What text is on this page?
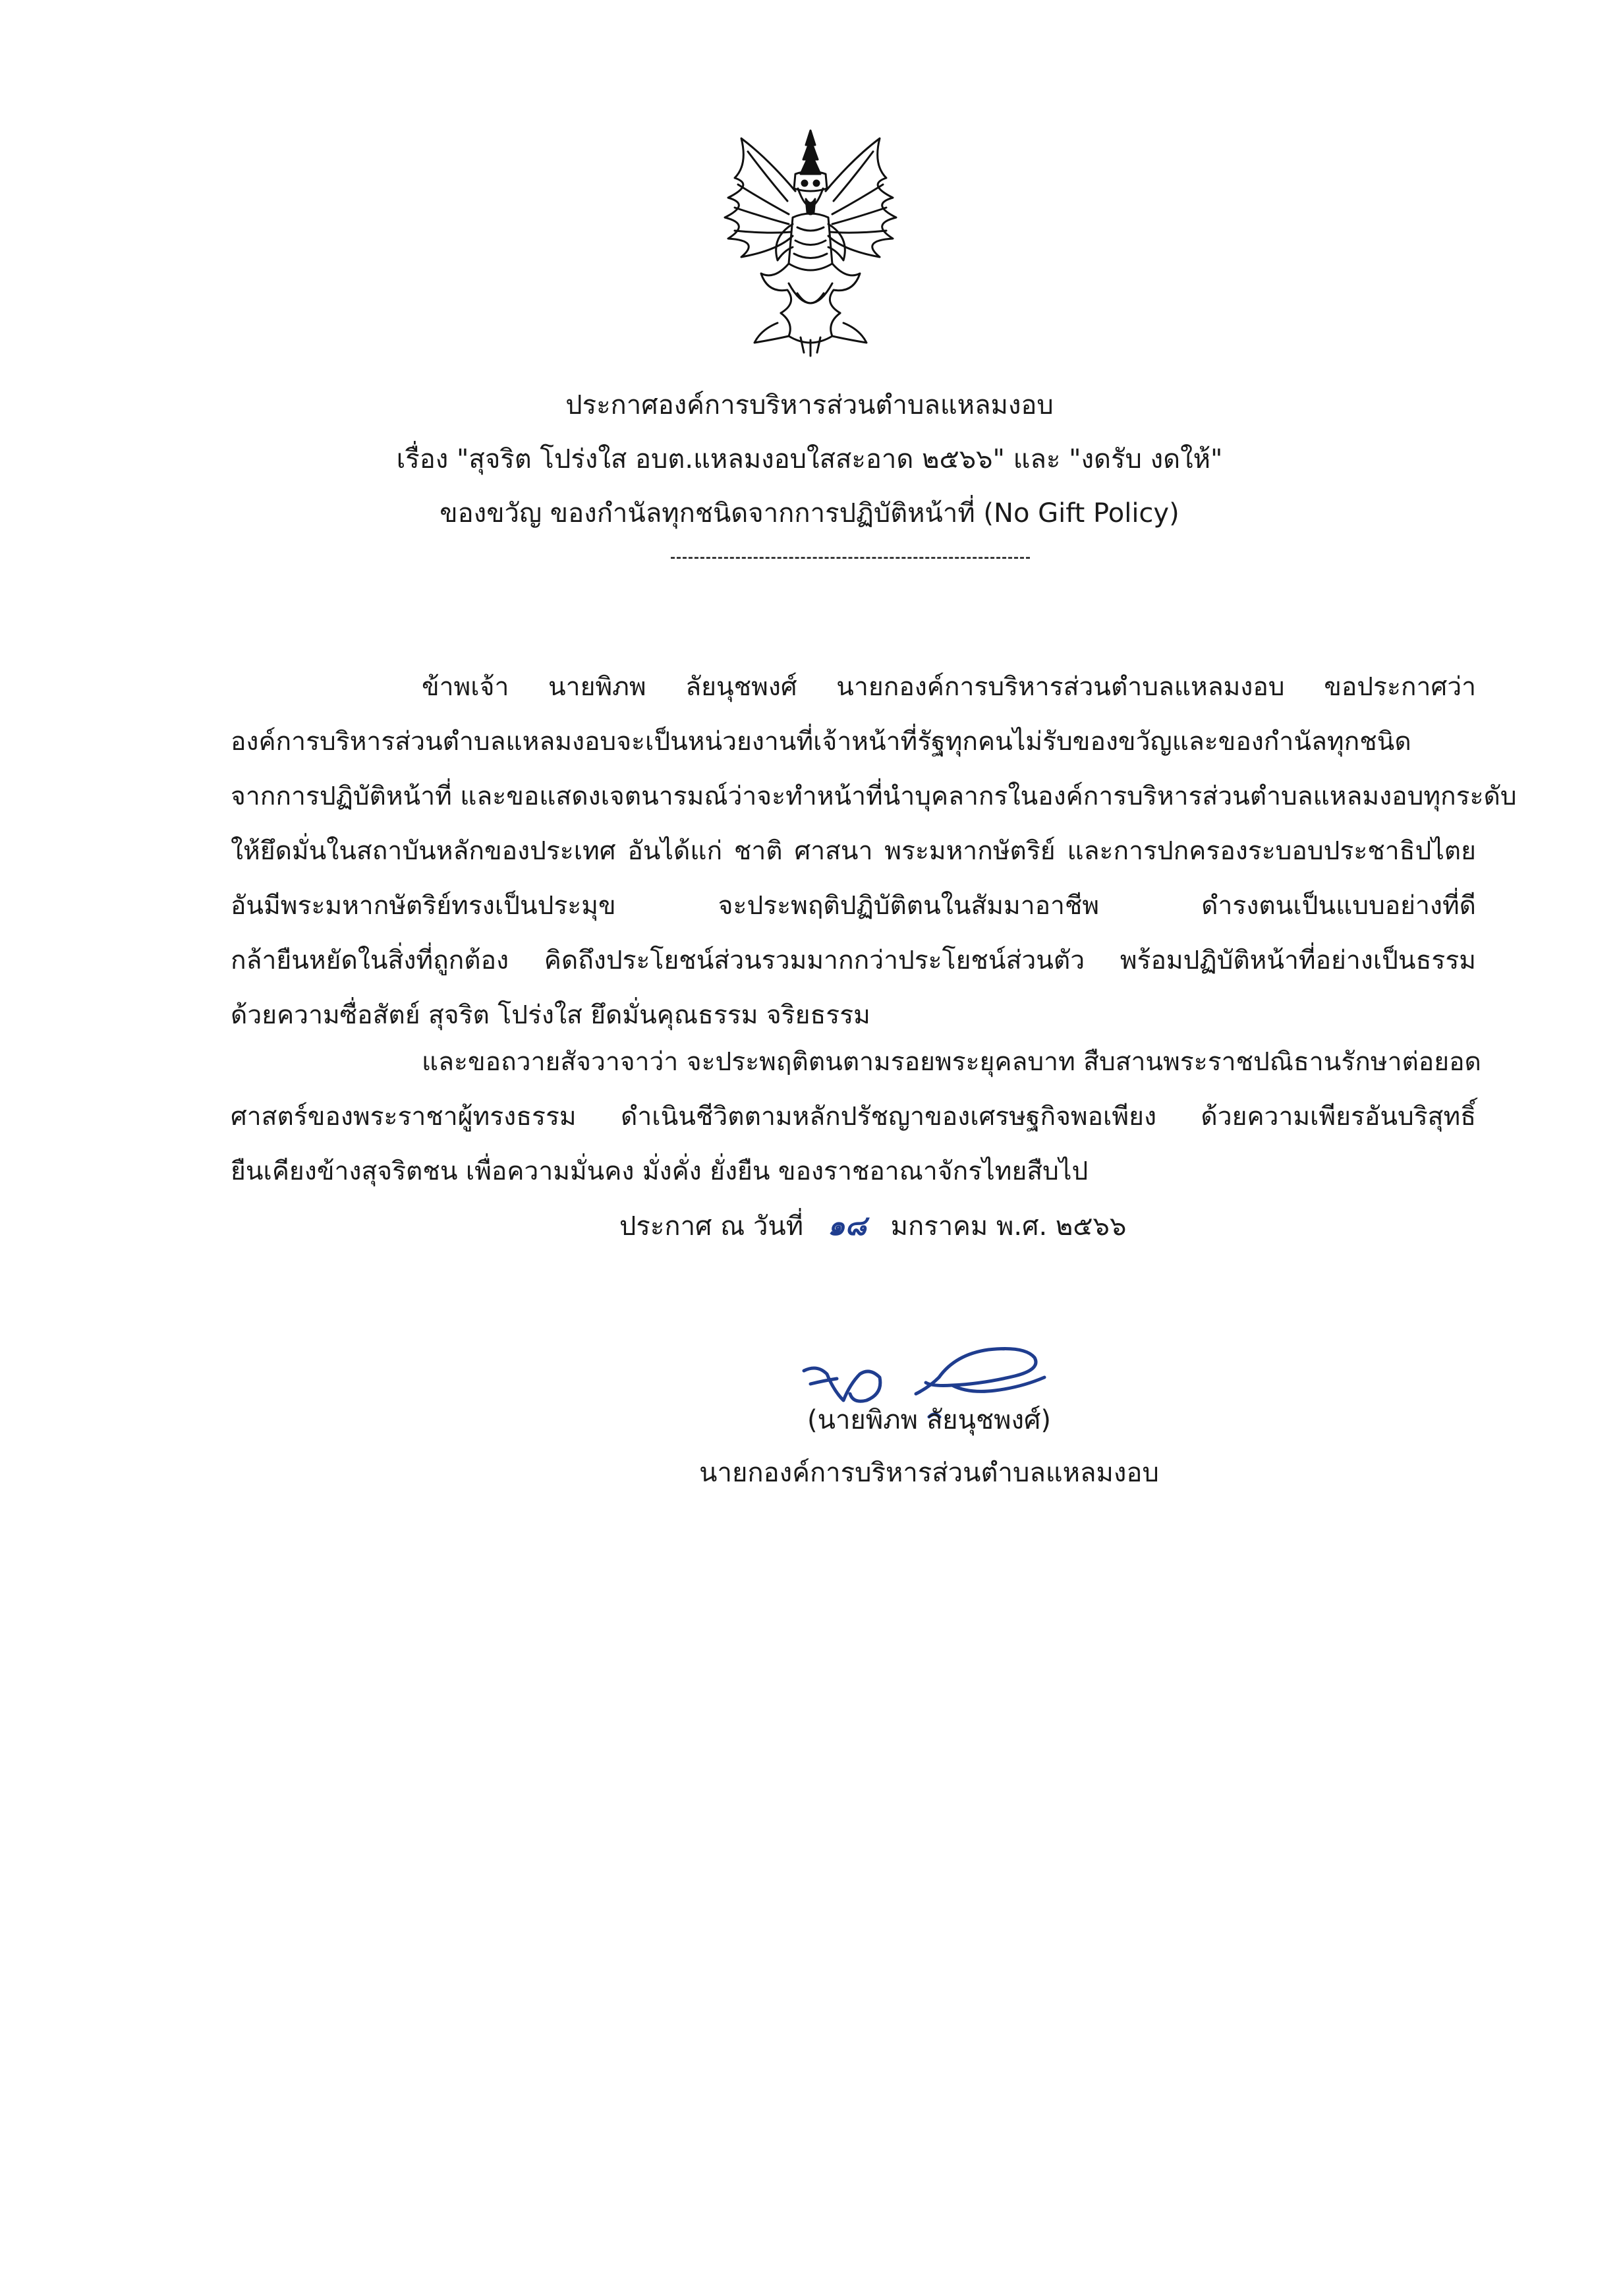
ประกาศองค์การบริหารส่วนตำบลแหลมงอบ
เรื่อง "สุจริต โปร่งใส อบต.แหลมงอบใสสะอาด ๒๕๖๖" และ "งดรับ งดให้"
ของขวัญ ของกำนัลทุกชนิดจากการปฏิบัติหน้าที่ (No Gift Policy)
ข้าพเจ้า นายพิภพ ลัยนุชพงศ์ นายกองค์การบริหารส่วนตำบลแหลมงอบ ขอประกาศว่า
องค์การบริหารส่วนตำบลแหลมงอบจะเป็นหน่วยงานที่เจ้าหน้าที่รัฐทุกคนไม่รับของขวัญและของกำนัลทุกชนิด
จากการปฏิบัติหน้าที่ และขอแสดงเจตนารมณ์ว่าจะทำหน้าที่นำบุคลากรในองค์การบริหารส่วนตำบลแหลมงอบทุกระดับ
ให้ยึดมั่นในสถาบันหลักของประเทศ อันได้แก่ ชาติ ศาสนา พระมหากษัตริย์ และการปกครองระบอบประชาธิปไตย
อันมีพระมหากษัตริย์ทรงเป็นประมุข จะประพฤติปฏิบัติตนในสัมมาอาชีพ ดำรงตนเป็นแบบอย่างที่ดี
กล้ายืนหยัดในสิ่งที่ถูกต้อง คิดถึงประโยชน์ส่วนรวมมากกว่าประโยชน์ส่วนตัว พร้อมปฏิบัติหน้าที่อย่างเป็นธรรม
ด้วยความซื่อสัตย์ สุจริต โปร่งใส ยึดมั่นคุณธรรม จริยธรรม
และขอถวายสัจวาจาว่า จะประพฤติตนตามรอยพระยุคลบาท สืบสานพระราชปณิธานรักษาต่อยอด
ศาสตร์ของพระราชาผู้ทรงธรรม ดำเนินชีวิตตามหลักปรัชญาของเศรษฐกิจพอเพียง ด้วยความเพียรอันบริสุทธิ์
ยืนเคียงข้างสุจริตชน เพื่อความมั่นคง มั่งคั่ง ยั่งยืน ของราชอาณาจักรไทยสืบไป
ประกาศ ณ วันที่ ๑๘ มกราคม พ.ศ. ๒๕๖๖
(นายพิภพ ลัยนุชพงศ์)
นายกองค์การบริหารส่วนตำบลแหลมงอบ
